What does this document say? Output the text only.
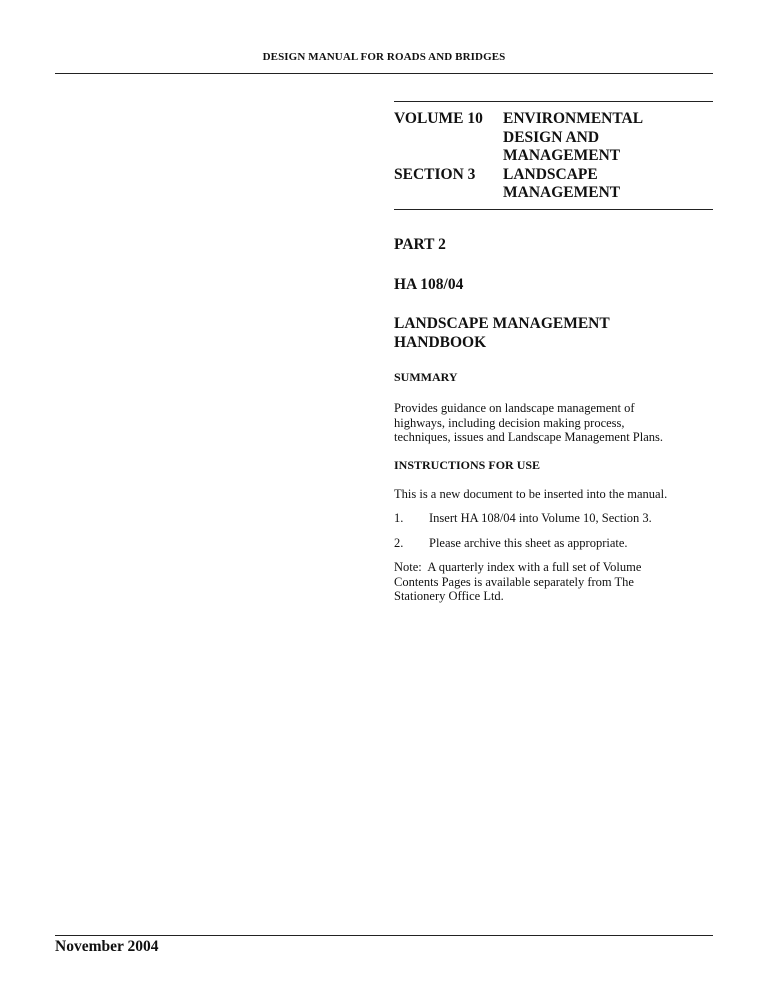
DESIGN MANUAL FOR ROADS AND BRIDGES
VOLUME 10	ENVIRONMENTAL
DESIGN AND
MANAGEMENT
SECTION 3	LANDSCAPE
MANAGEMENT

PART 2

HA 108/04

LANDSCAPE MANAGEMENT

HANDBOOK

SUMMARY

Provides guidance on landscape management of

highways, including decision making process,

techniques, issues and Landscape Management Plans.

INSTRUCTIONS FOR USE

This is a new document to be inserted into the manual.

1.	Insert HA 108/04 into Volume 10, Section 3.
2.	Please archive this sheet as appropriate.

Note:  A quarterly index with a full set of Volume

Contents Pages is available separately from The

Stationery Office Ltd.

November 2004
